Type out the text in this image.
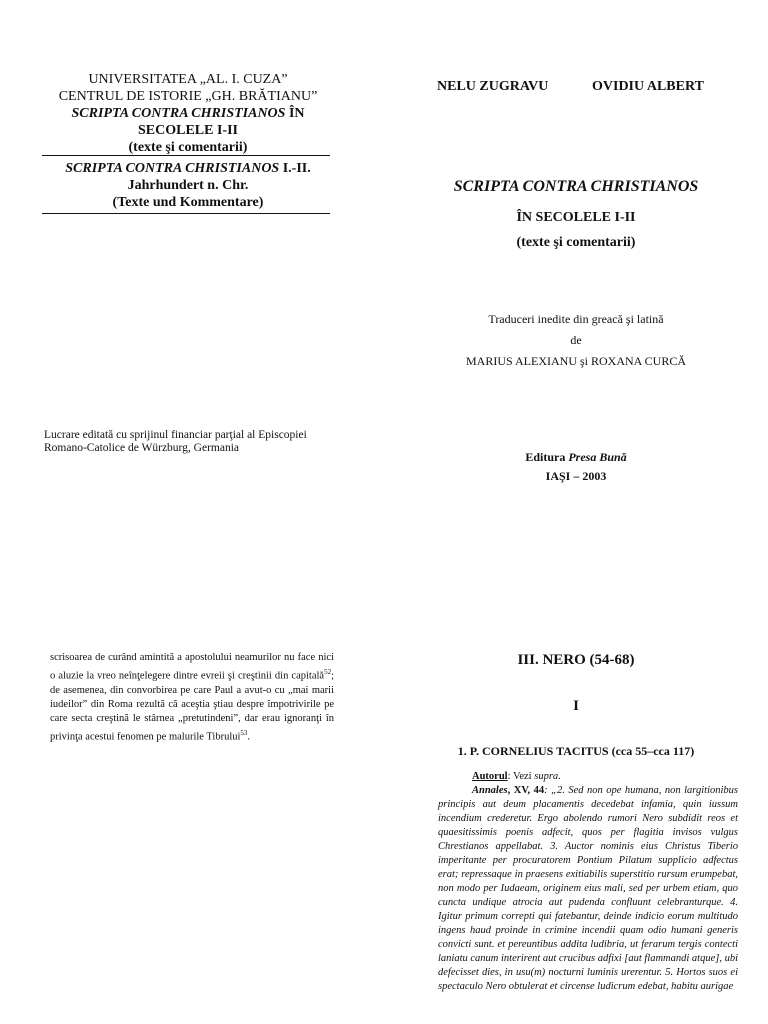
UNIVERSITATEA „AL. I. CUZA”
CENTRUL DE ISTORIE „GH. BRĂTIANU”
SCRIPTA CONTRA CHRISTIANOS ÎN
SECOLELE I-II
(texte şi comentarii)
SCRIPTA CONTRA CHRISTIANOS I.-II.
Jahrhundert n. Chr.
(Texte und Kommentare)
Lucrare editată cu sprijinul financiar parţial al Episcopiei
Romano-Catolice de Würzburg, Germania
scrisoarea de curând amintită a apostolului neamurilor nu face nici o aluzie la vreo neînţelegere dintre evreii şi creştinii din capitală$^{52}$; de asemenea, din convorbirea pe care Paul a avut-o cu „mai marii iudeilor” din Roma rezultă că aceştia ştiau despre împotrivirile pe care secta creştină le stârnea „pretutindeni”, dar erau ignoranţi în privinţa acestui fenomen pe malurile Tibrului$^{53}$.
NELU ZUGRAVU	OVIDIU ALBERT
SCRIPTA CONTRA CHRISTIANOS
ÎN SECOLELE I-II
(texte şi comentarii)
Traduceri inedite din greacă şi latină
de
MARIUS ALEXIANU şi ROXANA CURCĂ
Editura Presa Bună
IAŞI – 2003
III. NERO (54-68)
I
1. P. CORNELIUS TACITUS (cca 55–cca 117)

Autorul: Vezi supra.

Annales, XV, 44: „2. Sed non ope humana, non largitionibus principis aut deum placamentis decedebat infamia, quin iussum incendium crederetur. Ergo abolendo rumori Nero subdidit reos et quaesitissimis poenis adfecit, quos per flagitia invisos vulgus Chrestianos appellabat. 3. Auctor nominis eius Christus Tiberio imperitante per procuratorem Pontium Pilatum supplicio adfectus erat; repressaque in praesens exitiabilis superstitio rursum erumpebat, non modo per Iudaeam, originem eius mali, sed per urbem etiam, quo cuncta undique atrocia aut pudenda confluunt celebranturque. 4. Igitur primum correpti qui fatebantur, deinde indicio eorum multitudo ingens haud proinde in crimine incendii quam odio humani generis convicti sunt. et pereuntibus addita ludibria, ut ferarum tergis contecti laniatu canum interirent aut crucibus adfixi [aut flammandi atque], ubi defecisset dies, in usu(m) nocturni luminis urerentur. 5. Hortos suos ei spectaculo Nero obtulerat et circense ludicrum edebat, habitu aurigae
